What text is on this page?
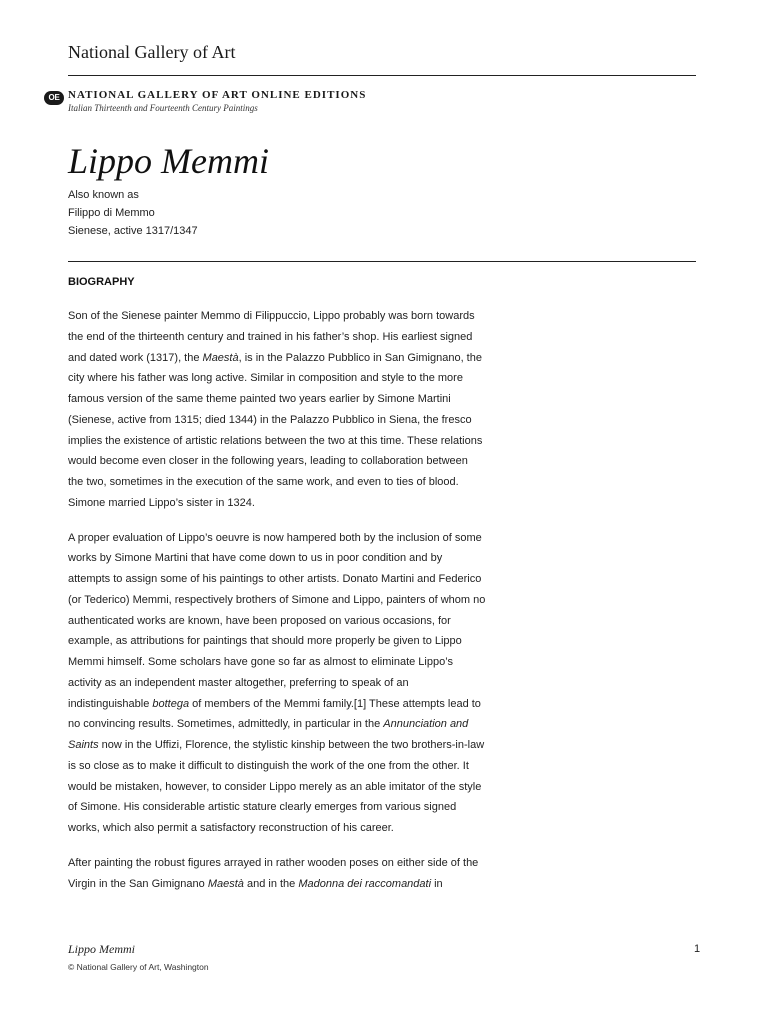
National Gallery of Art
OE NATIONAL GALLERY OF ART ONLINE EDITIONS
Italian Thirteenth and Fourteenth Century Paintings
Lippo Memmi
Also known as
Filippo di Memmo
Sienese, active 1317/1347
BIOGRAPHY

Son of the Sienese painter Memmo di Filippuccio, Lippo probably was born towards the end of the thirteenth century and trained in his father’s shop. His earliest signed and dated work (1317), the Maestà, is in the Palazzo Pubblico in San Gimignano, the city where his father was long active. Similar in composition and style to the more famous version of the same theme painted two years earlier by Simone Martini (Sienese, active from 1315; died 1344) in the Palazzo Pubblico in Siena, the fresco implies the existence of artistic relations between the two at this time. These relations would become even closer in the following years, leading to collaboration between the two, sometimes in the execution of the same work, and even to ties of blood. Simone married Lippo’s sister in 1324.

A proper evaluation of Lippo’s oeuvre is now hampered both by the inclusion of some works by Simone Martini that have come down to us in poor condition and by attempts to assign some of his paintings to other artists. Donato Martini and Federico (or Tederico) Memmi, respectively brothers of Simone and Lippo, painters of whom no authenticated works are known, have been proposed on various occasions, for example, as attributions for paintings that should more properly be given to Lippo Memmi himself. Some scholars have gone so far as almost to eliminate Lippo’s activity as an independent master altogether, preferring to speak of an indistinguishable bottega of members of the Memmi family.[1] These attempts lead to no convincing results. Sometimes, admittedly, in particular in the Annunciation and Saints now in the Uffizi, Florence, the stylistic kinship between the two brothers-in-law is so close as to make it difficult to distinguish the work of the one from the other. It would be mistaken, however, to consider Lippo merely as an able imitator of the style of Simone. His considerable artistic stature clearly emerges from various signed works, which also permit a satisfactory reconstruction of his career.

After painting the robust figures arrayed in rather wooden poses on either side of the Virgin in the San Gimignano Maestà and in the Madonna dei raccomandati in

Lippo Memmi
© National Gallery of Art, Washington
1
